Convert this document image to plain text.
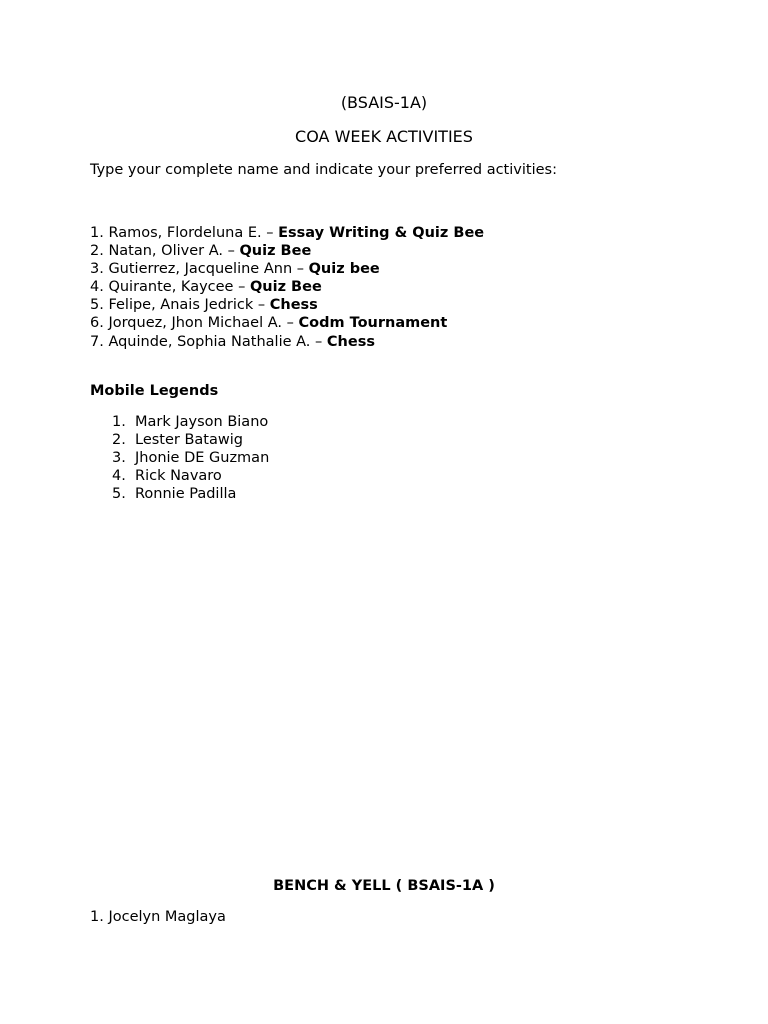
(BSAIS-1A)
COA WEEK ACTIVITIES
Type your complete name and indicate your preferred activities:
1. Ramos, Flordeluna E. – Essay Writing & Quiz Bee
2. Natan, Oliver A. – Quiz Bee
3. Gutierrez, Jacqueline Ann – Quiz bee
4. Quirante, Kaycee – Quiz Bee
5. Felipe, Anais Jedrick – Chess
6. Jorquez, Jhon Michael A. – Codm Tournament
7. Aquinde, Sophia Nathalie A. – Chess
Mobile Legends
1. Mark Jayson Biano
2. Lester Batawig
3. Jhonie DE Guzman
4. Rick Navaro
5. Ronnie Padilla
BENCH & YELL ( BSAIS-1A )
1. Jocelyn Maglaya
